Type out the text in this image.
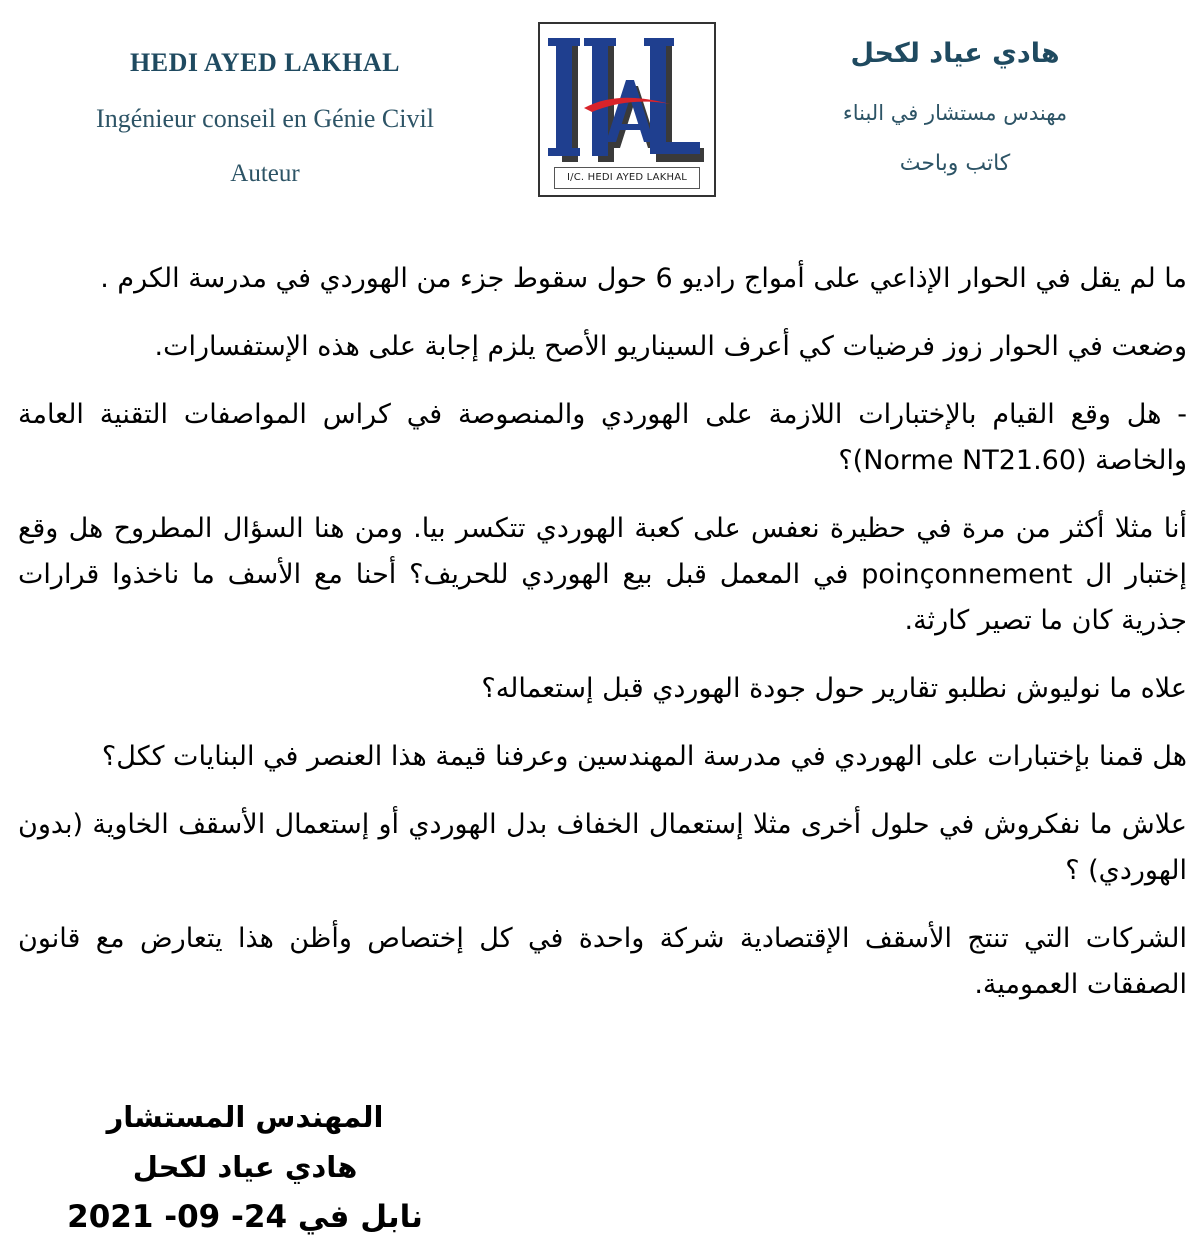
HEDI AYED LAKHAL
Ingénieur conseil en Génie Civil
Auteur	I/C. HEDI AYED LAKHAL
هادي عياد لكحل
مهندس مستشار في البناء
كاتب وباحث

ما لم يقل في الحوار الإذاعي على أمواج راديو 6 حول سقوط جزء من الهوردي في مدرسة الكرم .

وضعت في الحوار زوز فرضيات كي أعرف السيناريو الأصح يلزم إجابة على هذه الإستفسارات.

- هل وقع القيام بالإختبارات اللازمة على الهوردي والمنصوصة في كراس المواصفات التقنية العامة والخاصة (Norme NT21.60)؟

أنا مثلا أكثر من مرة في حظيرة نعفس على كعبة الهوردي تتكسر بيا. ومن هنا السؤال المطروح هل وقع إختبار ال poinçonnement في المعمل قبل بيع الهوردي للحريف؟ أحنا مع الأسف ما ناخذوا قرارات جذرية كان ما تصير كارثة.

علاه ما نوليوش نطلبو تقارير حول جودة الهوردي قبل إستعماله؟

هل قمنا بإختبارات على الهوردي في مدرسة المهندسين وعرفنا قيمة هذا العنصر في البنايات ككل؟

علاش ما نفكروش في حلول أخرى مثلا إستعمال الخفاف بدل الهوردي أو إستعمال الأسقف الخاوية (بدون الهوردي) ؟

الشركات التي تنتج الأسقف الإقتصادية شركة واحدة في كل إختصاص وأظن هذا يتعارض مع قانون الصفقات العمومية.

المهندس المستشار
هادي عياد لكحل
نابل في 24- 09- 2021
